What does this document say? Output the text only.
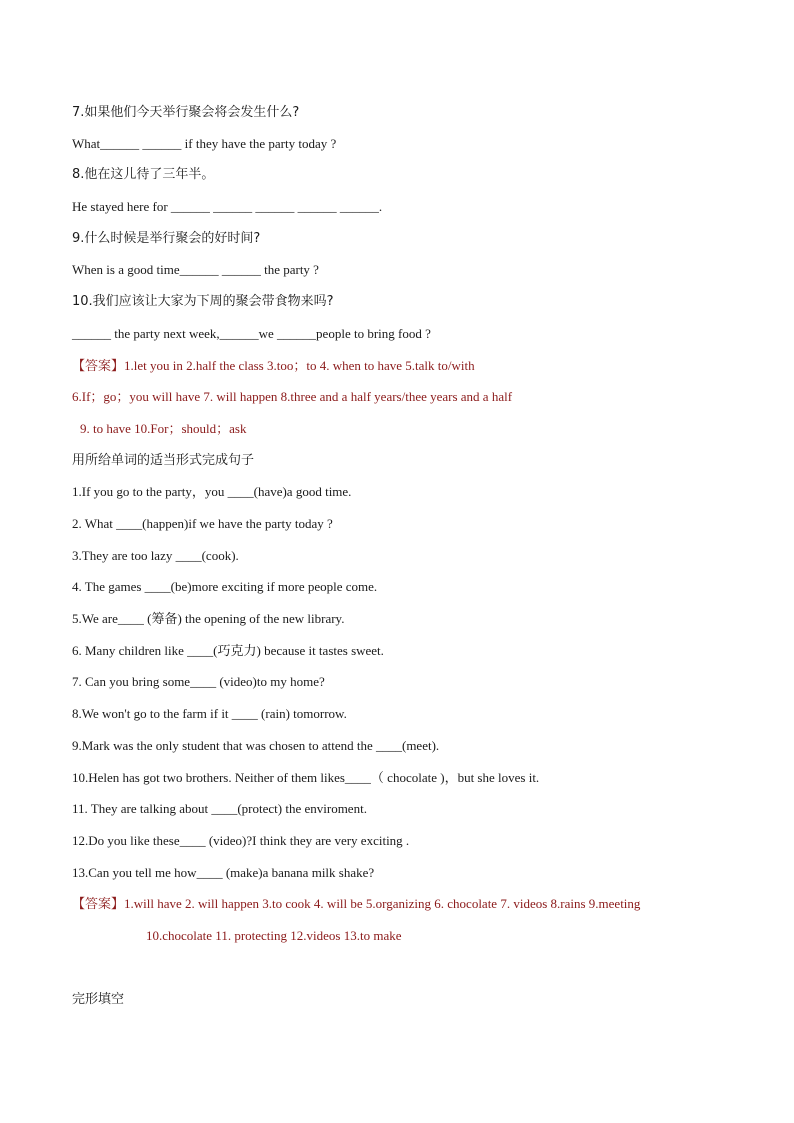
7.如果他们今天举行聚会将会发生什么?
What______ ______ if they have the party today ?
8.他在这儿待了三年半。
He stayed here for ______ ______ ______ ______ ______.
9.什么时候是举行聚会的好时间?
When is a good time______ ______ the party ?
10.我们应该让大家为下周的聚会带食物来吗?
______ the party next week,______we ______people to bring food ?
【答案】1.let you in 2.half the class 3.too；to 4. when to have 5.talk to/with
6.If；go；you will have 7. will happen 8.three and a half years/thee years and a half
9. to have 10.For；should；ask
用所给单词的适当形式完成句子
1.If you go to the party，you ____(have)a good time.
2. What ____(happen)if we have the party today ?
3.They are too lazy ____(cook).
4. The games ____(be)more exciting if more people come.
5.We are____ (筹备) the opening of the new library.
6. Many children like ____(巧克力) because it tastes sweet.
7. Can you bring some____ (video)to my home?
8.We won't go to the farm if it ____ (rain) tomorrow.
9.Mark was the only student that was chosen to attend the ____(meet).
10.Helen has got two brothers. Neither of them likes____（ chocolate )，but she loves it.
11. They are talking about ____(protect) the enviroment.
12.Do you like these____ (video)?I think they are very exciting .
13.Can you tell me how____ (make)a banana milk shake?
【答案】1.will have 2. will happen 3.to cook 4. will be 5.organizing 6. chocolate 7. videos 8.rains 9.meeting
10.chocolate 11. protecting 12.videos 13.to make
完形填空
